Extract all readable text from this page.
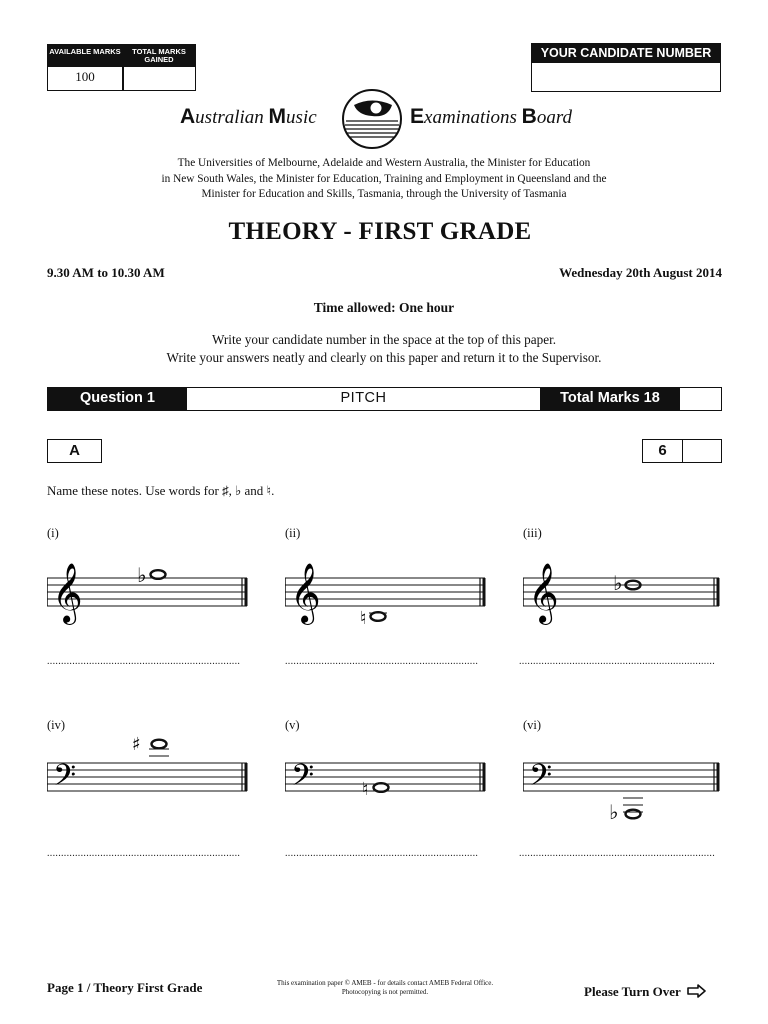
AVAILABLE MARKS	TOTAL MARKS GAINED
100
YOUR CANDIDATE NUMBER
Australian Music	Examinations Board
The Universities of Melbourne, Adelaide and Western Australia, the Minister for Education
in New South Wales, the Minister for Education, Training and Employment in Queensland and the
Minister for Education and Skills, Tasmania, through the University of Tasmania
THEORY - FIRST GRADE
9.30 AM to 10.30 AM	Wednesday 20th August 2014
Time allowed: One hour
Write your candidate number in the space at the top of this paper.
Write your answers neatly and clearly on this paper and return it to the Supervisor.
Question 1	PITCH	Total Marks 18
A	6
Name these notes. Use words for ♯, ♭ and ♮.
(i)	(ii)	(iii)
(iv)	(v)	(vi)
𝄞	♭	𝄞 ♮	𝄞	♭
𝄢
♯
𝄢	♮	𝄢
♭
.....................................................................	.....................................................................	......................................................................
.....................................................................	.....................................................................	......................................................................
Page 1 / Theory First Grade	This examination paper © AMEB - for details contact AMEB Federal Office.
Photocopying is not permitted.	Please Turn Over
